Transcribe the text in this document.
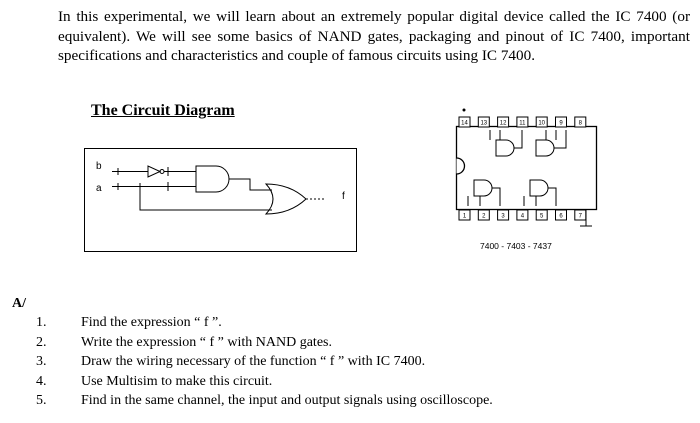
In this experimental, we will learn about an extremely popular digital device called the IC 7400 (or equivalent). We will see some basics of NAND gates, packaging and pinout of IC 7400, important specifications and characteristics and couple of famous circuits using IC 7400.

The Circuit Diagram

b
a
f
14 13 12 11 10 9	8
1	2	3	4	5	6	7
7400 - 7403 - 7437

A/

1.	Find the expression “ f ”.
2.	Write the expression “ f ” with NAND gates.
3.	Draw the wiring necessary of the function “ f ” with IC 7400.
4.	Use Multisim to make this circuit.
5.	Find in the same channel, the input and output signals using oscilloscope.
